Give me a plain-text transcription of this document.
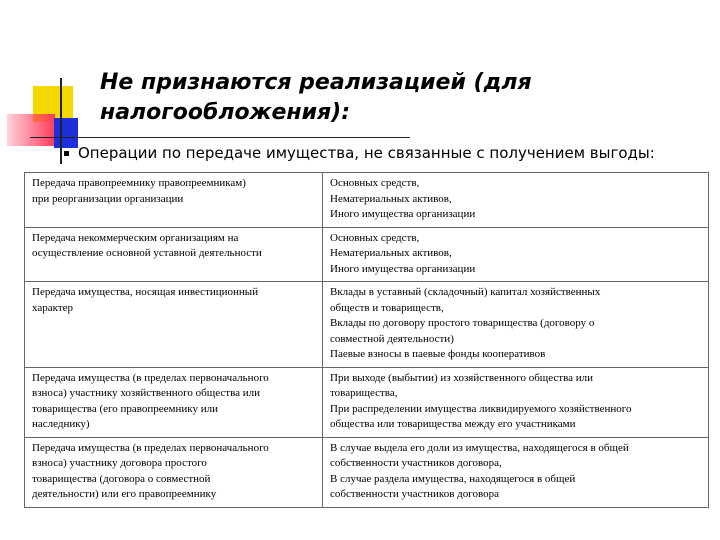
Не признаются реализацией (для налогообложения):

Операции по передаче имущества, не связанные с получением выгоды:

Передача правопреемнику правопреемникам)
при реорганизации организации	Основных средств,
Нематериальных активов,
Иного имущества организации

Передача некоммерческим организациям на
осуществление основной уставной деятельности	Основных средств,
Нематериальных активов,
Иного имущества организации

Передача имущества, носящая инвестиционный
характер	Вклады в уставный (складочный) капитал хозяйственных
обществ и товариществ,
Вклады по договору простого товарищества (договору о
совместной деятельности)
Паевые взносы в паевые фонды кооперативов

Передача имущества (в пределах первоначального
взноса) участнику хозяйственного общества или
товарищества (его правопреемнику или
наследнику)	При выходе (выбытии) из хозяйственного общества или
товарищества,
При распределении имущества ликвидируемого хозяйственного
общества или товарищества между его участниками

Передача имущества (в пределах первоначального
взноса) участнику договора простого
товарищества (договора о совместной
деятельности) или его правопреемнику	В случае выдела его доли из имущества, находящегося в общей
собственности участников договора,
В случае раздела имущества, находящегося в общей
собственности участников договора
